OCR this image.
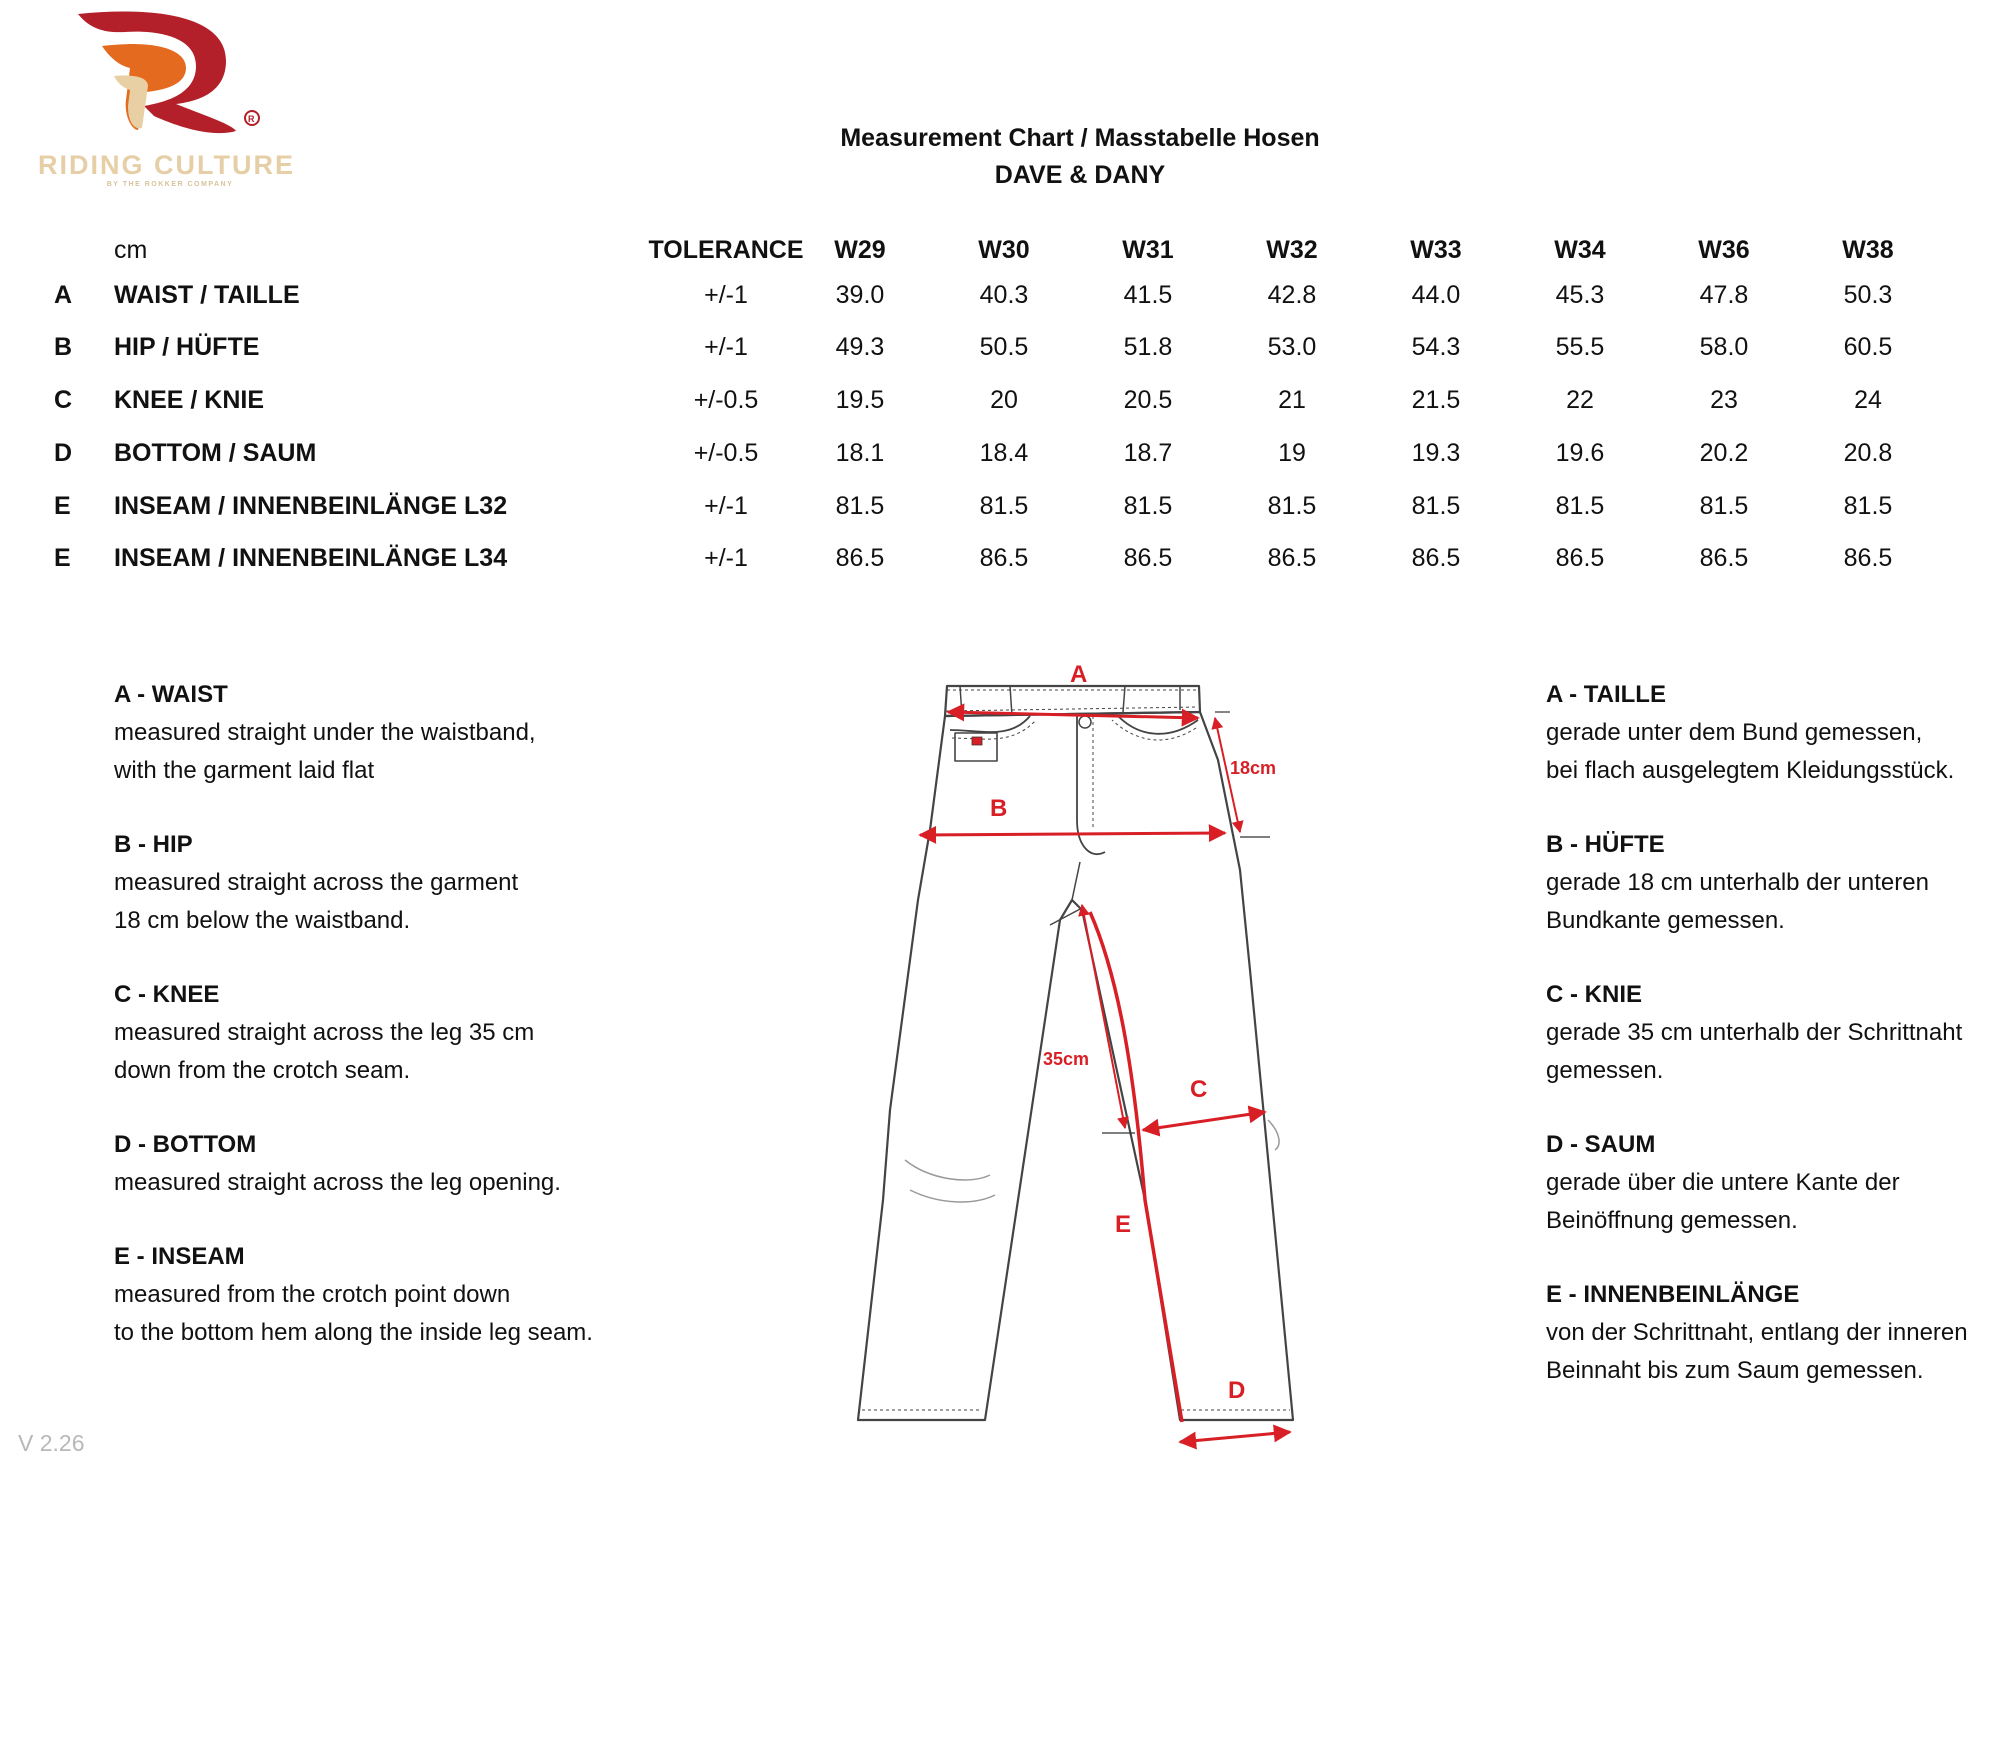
R
RIDING CULTURE
BY THE ROKKER COMPANY
Measurement Chart / Masstabelle Hosen
DAVE & DANY
cm	TOLERANCE	W29	W30	W31	W32	W33	W34	W36	W38
A WAIST / TAILLE	+/-1	39.0	40.3	41.5	42.8	44.0	45.3	47.8	50.3
B HIP / HÜFTE	+/-1	49.3	50.5	51.8	53.0	54.3	55.5	58.0	60.5
C KNEE / KNIE	+/-0.5	19.5	20	20.5	21	21.5	22	23	24
D BOTTOM / SAUM	+/-0.5	18.1	18.4	18.7	19	19.3	19.6	20.2	20.8
E INSEAM / INNENBEINLÄNGE L32	+/-1	81.5	81.5	81.5	81.5	81.5	81.5	81.5	81.5
E INSEAM / INNENBEINLÄNGE L34	+/-1	86.5	86.5	86.5	86.5	86.5	86.5	86.5	86.5
A - WAIST
measured straight under the waistband,
with the garment laid flat
B - HIP
measured straight across the garment
18 cm below the waistband.
C - KNEE
measured straight across the leg 35 cm
down from the crotch seam.
D - BOTTOM
measured straight across the leg opening.
E - INSEAM
measured from the crotch point down
to the bottom hem along the inside leg seam.
A - TAILLE
gerade unter dem Bund gemessen,
bei flach ausgelegtem Kleidungsstück.
B - HÜFTE
gerade 18 cm unterhalb der unteren
Bundkante gemessen.
C - KNIE
gerade 35 cm unterhalb der Schrittnaht
gemessen.
D - SAUM
gerade über die untere Kante der
Beinöffnung gemessen.
E - INNENBEINLÄNGE
von der Schrittnaht, entlang der inneren
Beinnaht bis zum Saum gemessen.
A
B
18cm
35cm
C
E
D
V 2.26
